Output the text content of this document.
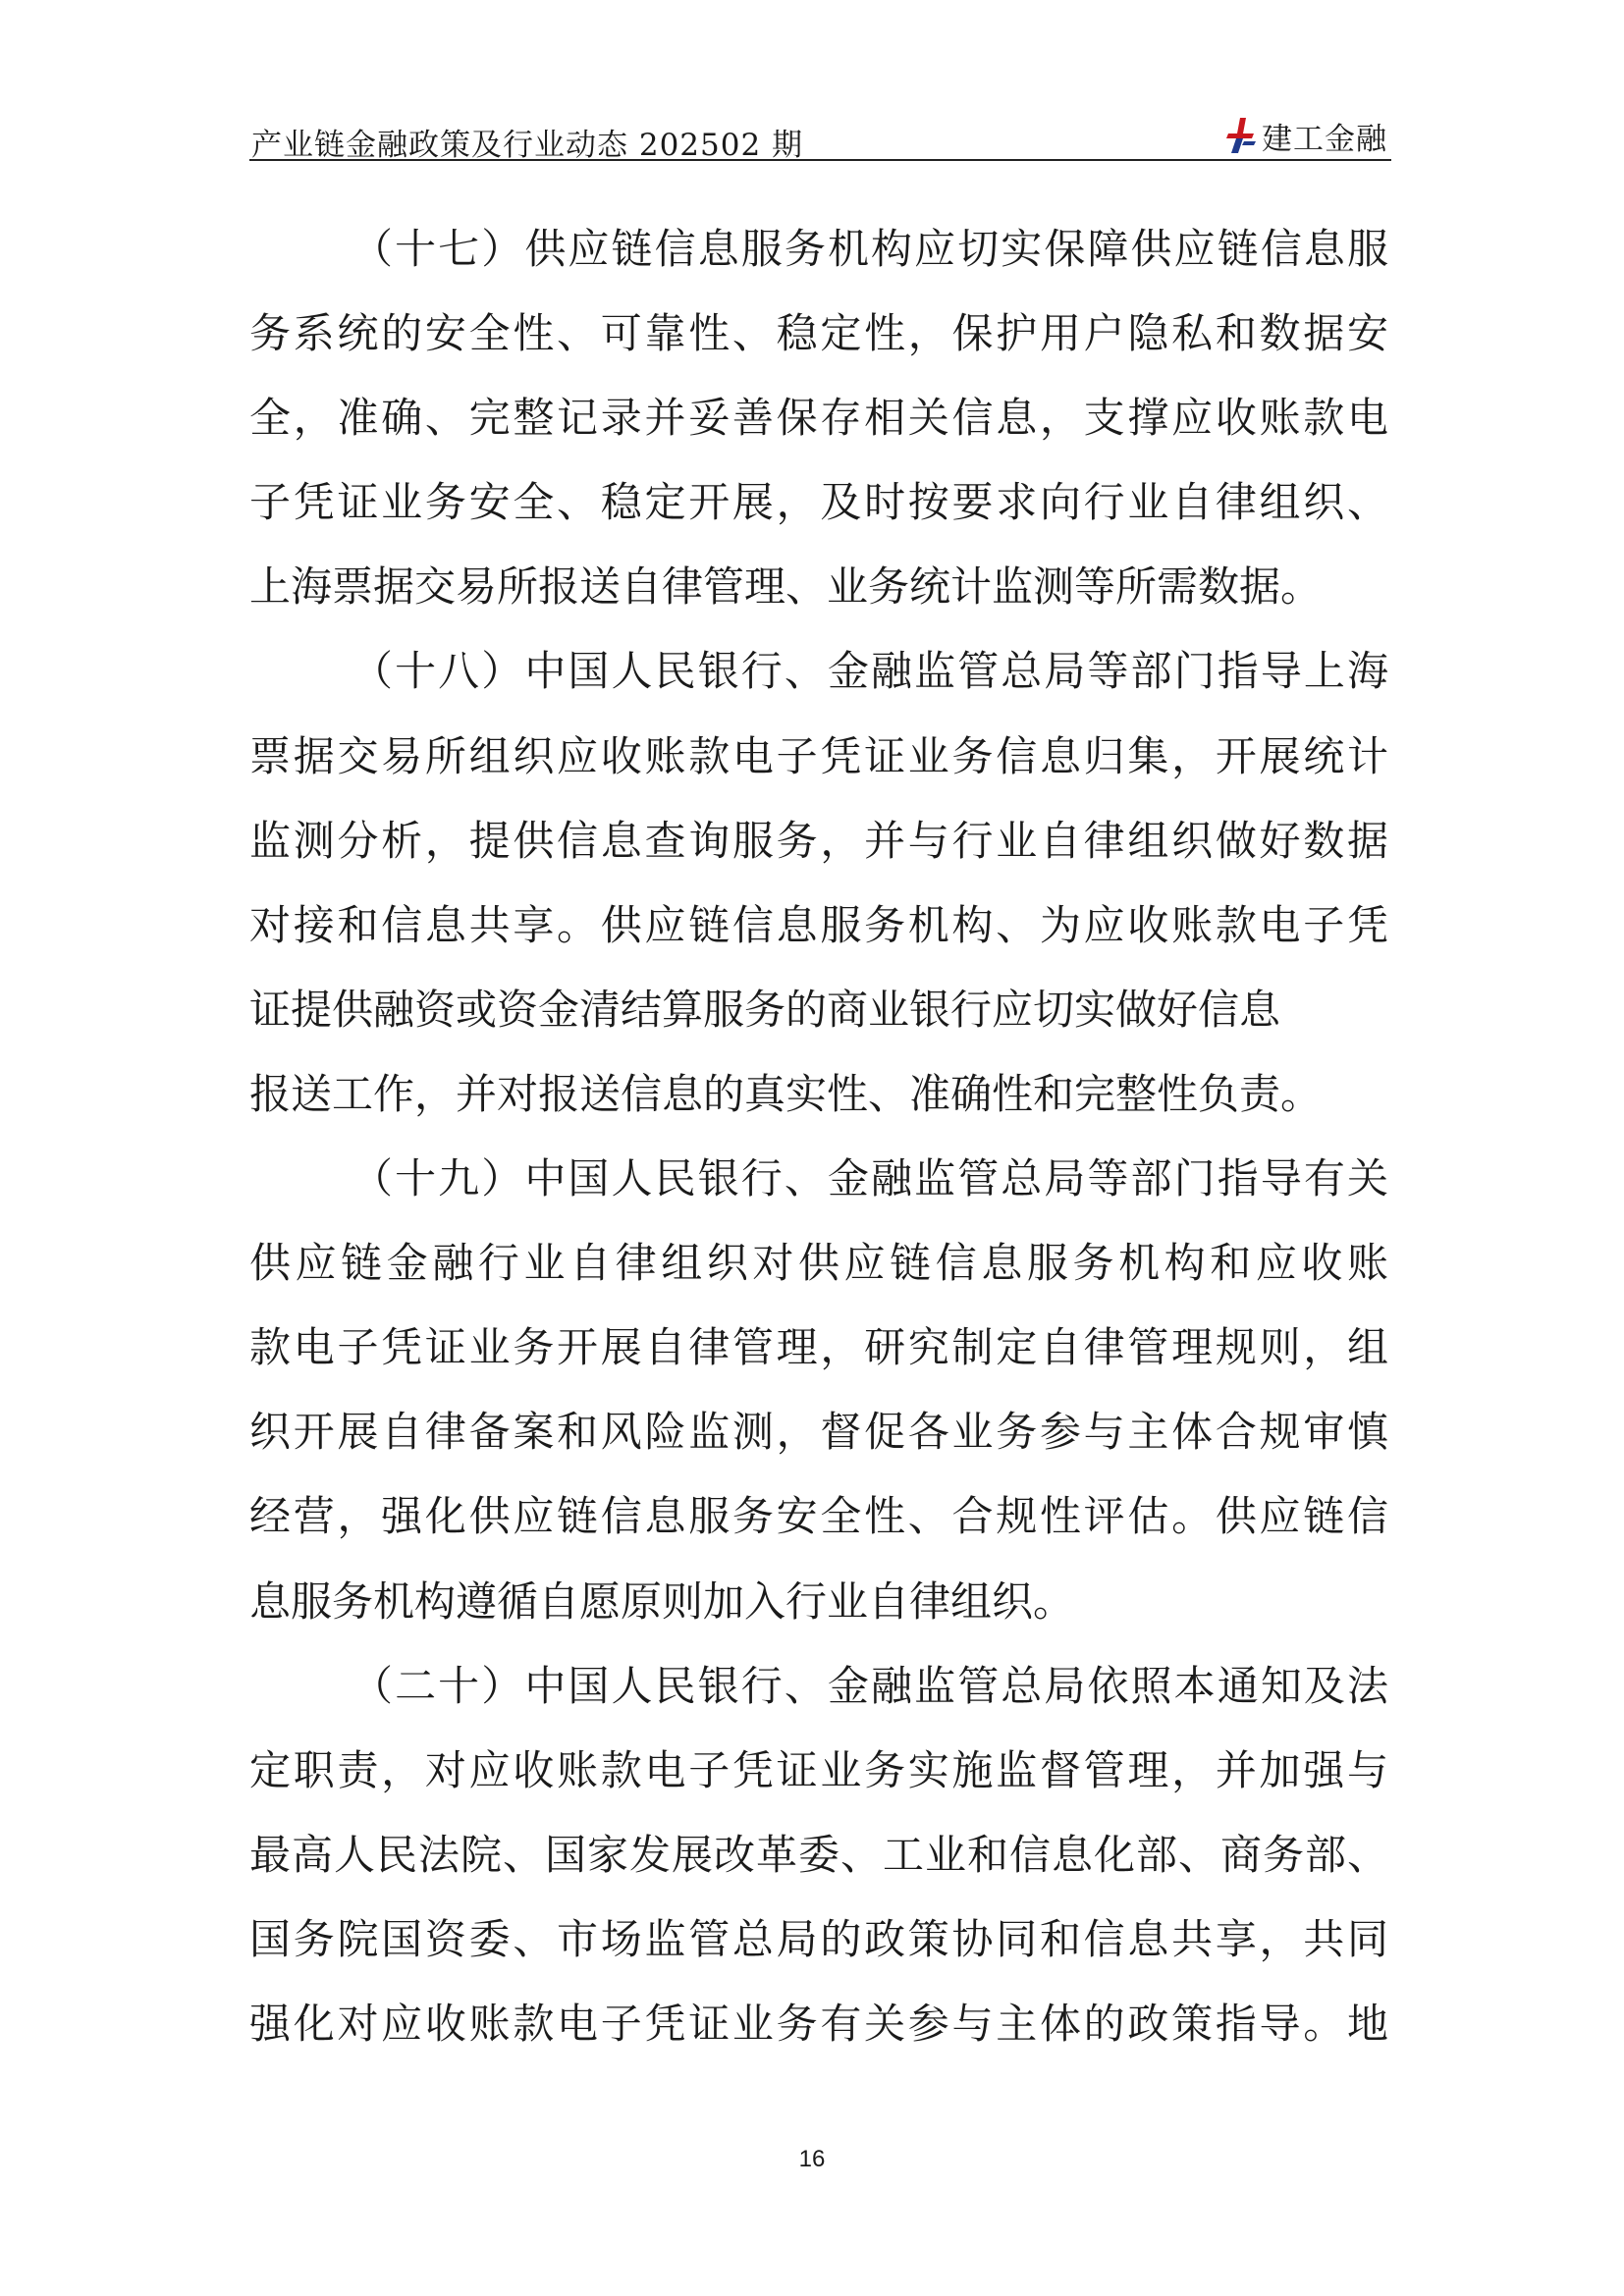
产业链金融政策及行业动态 202502 期	建工金融
（十七）供应链信息服务机构应切实保障供应链信息服
务系统的安全性、可靠性、稳定性，保护用户隐私和数据安
全，准确、完整记录并妥善保存相关信息，支撑应收账款电
子凭证业务安全、稳定开展，及时按要求向行业自律组织、
上海票据交易所报送自律管理、业务统计监测等所需数据。
（十八）中国人民银行、金融监管总局等部门指导上海
票据交易所组织应收账款电子凭证业务信息归集，开展统计
监测分析，提供信息查询服务，并与行业自律组织做好数据
对接和信息共享。供应链信息服务机构、为应收账款电子凭
证提供融资或资金清结算服务的商业银行应切实做好信息
报送工作，并对报送信息的真实性、准确性和完整性负责。
（十九）中国人民银行、金融监管总局等部门指导有关
供应链金融行业自律组织对供应链信息服务机构和应收账
款电子凭证业务开展自律管理，研究制定自律管理规则，组
织开展自律备案和风险监测，督促各业务参与主体合规审慎
经营，强化供应链信息服务安全性、合规性评估。供应链信
息服务机构遵循自愿原则加入行业自律组织。
（二十）中国人民银行、金融监管总局依照本通知及法
定职责，对应收账款电子凭证业务实施监督管理，并加强与
最高人民法院、国家发展改革委、工业和信息化部、商务部、
国务院国资委、市场监管总局的政策协同和信息共享，共同
强化对应收账款电子凭证业务有关参与主体的政策指导。地
16
